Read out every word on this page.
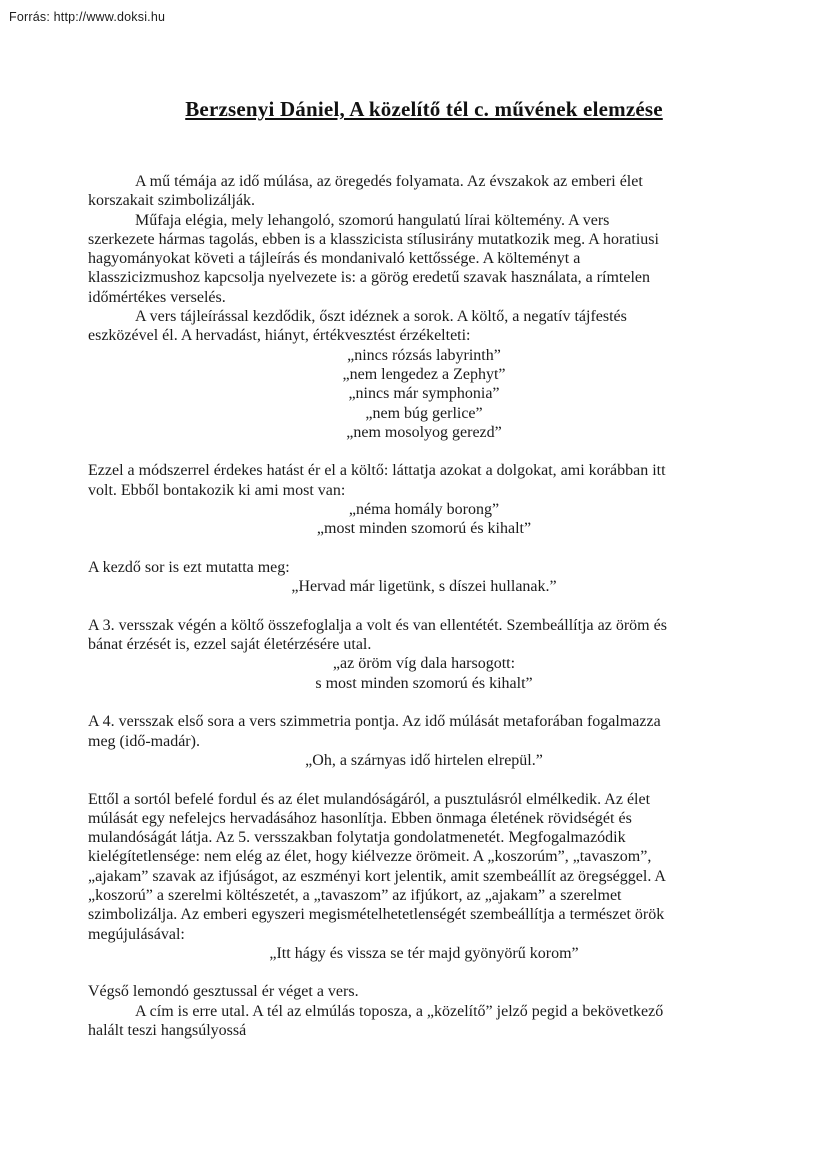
Forrás: http://www.doksi.hu
Berzsenyi Dániel, A közelítő tél c. művének elemzése
A mű témája az idő múlása, az öregedés folyamata. Az évszakok az emberi élet
korszakait szimbolizálják.
Műfaja elégia, mely lehangoló, szomorú hangulatú lírai költemény. A vers
szerkezete hármas tagolás, ebben is a klasszicista stílusirány mutatkozik meg. A horatiusi
hagyományokat követi a tájleírás és mondanivaló kettőssége. A költeményt a
klasszicizmushoz kapcsolja nyelvezete is: a görög eredetű szavak használata, a rímtelen
időmértékes verselés.
A vers tájleírással kezdődik, őszt idéznek a sorok. A költő, a negatív tájfestés
eszközével él. A hervadást, hiányt, értékvesztést érzékelteti:
„nincs rózsás labyrinth”
„nem lengedez a Zephyt”
„nincs már symphonia”
„nem búg gerlice”
„nem mosolyog gerezd”
Ezzel a módszerrel érdekes hatást ér el a költő: láttatja azokat a dolgokat, ami korábban itt
volt. Ebből bontakozik ki ami most van:
„néma homály borong”
„most minden szomorú és kihalt”
A kezdő sor is ezt mutatta meg:
„Hervad már ligetünk, s díszei hullanak.”
A 3. versszak végén a költő összefoglalja a volt és van ellentétét. Szembeállítja az öröm és
bánat érzését is, ezzel saját életérzésére utal.
„az öröm víg dala harsogott:
s most minden szomorú és kihalt”
A 4. versszak első sora a vers szimmetria pontja. Az idő múlását metaforában fogalmazza
meg (idő-madár).
„Oh, a szárnyas idő hirtelen elrepül.”
Ettől a sortól befelé fordul és az élet mulandóságáról, a pusztulásról elmélkedik. Az élet
múlását egy nefelejcs hervadásához hasonlítja. Ebben önmaga életének rövidségét és
mulandóságát látja. Az 5. versszakban folytatja gondolatmenetét. Megfogalmazódik
kielégítetlensége: nem elég az élet, hogy kiélvezze örömeit. A „koszorúm”, „tavaszom”,
„ajakam” szavak az ifjúságot, az eszményi kort jelentik, amit szembeállít az öregséggel. A
„koszorú” a szerelmi költészetét, a „tavaszom” az ifjúkort, az „ajakam” a szerelmet
szimbolizálja. Az emberi egyszeri megismételhetetlenségét szembeállítja a természet örök
megújulásával:
„Itt hágy és vissza se tér majd gyönyörű korom”
Végső lemondó gesztussal ér véget a vers.
A cím is erre utal. A tél az elmúlás toposza, a „közelítő” jelző pegid a bekövetkező
halált teszi hangsúlyossá
